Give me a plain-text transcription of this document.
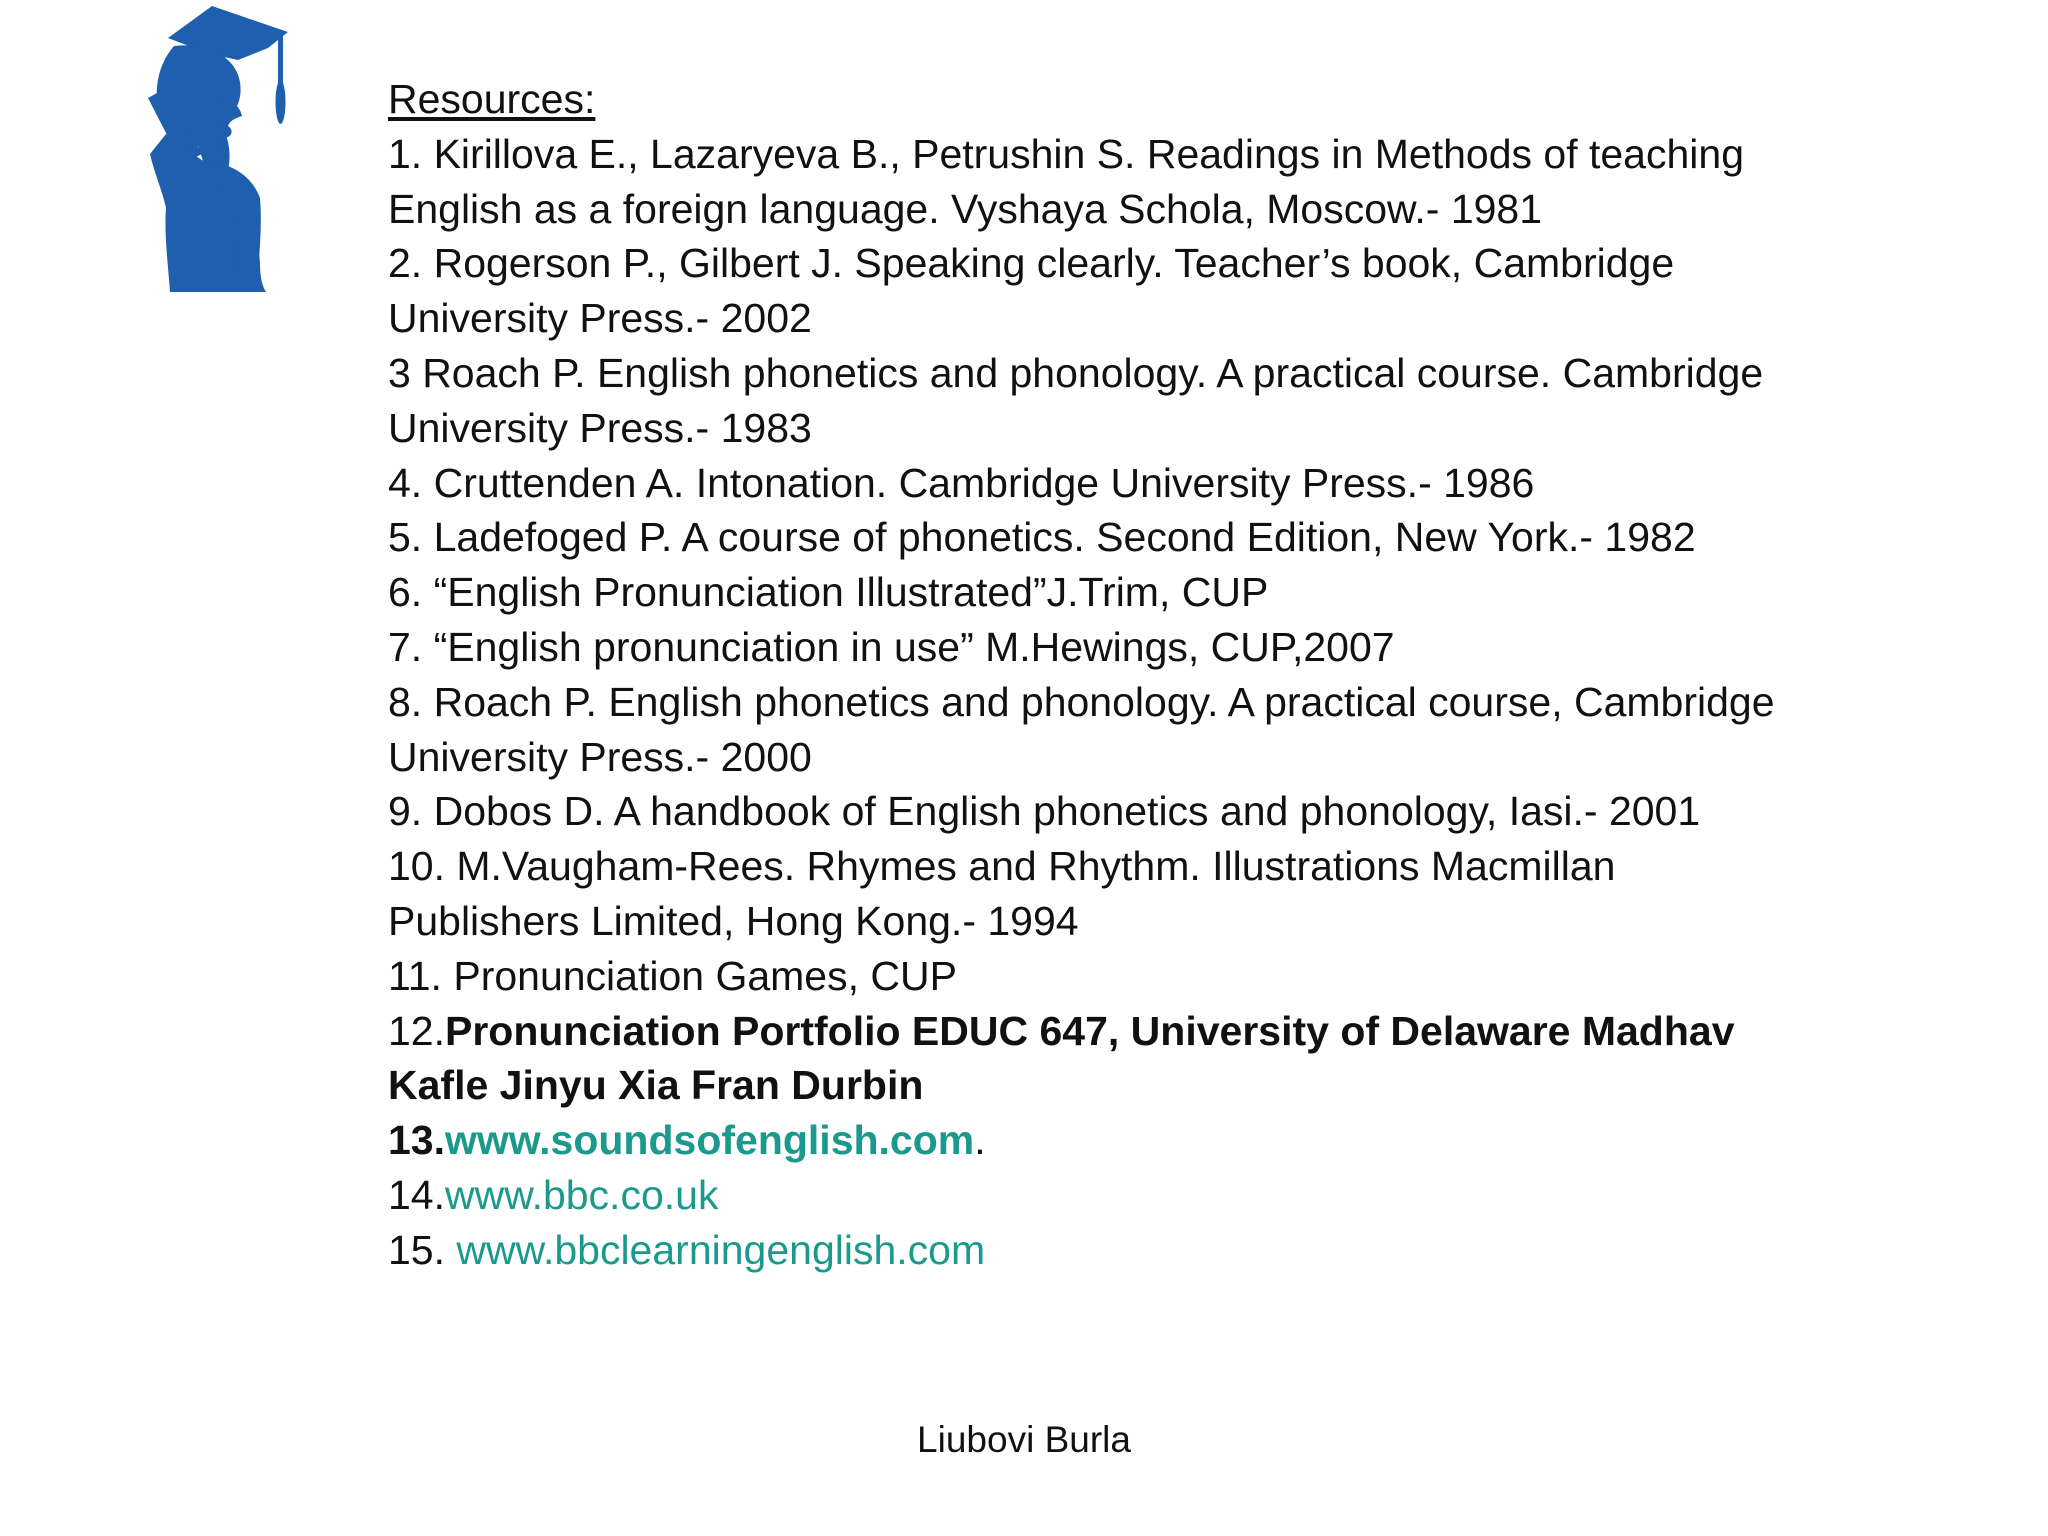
Resources:
1. Kirillova E., Lazaryeva B., Petrushin S. Readings in Methods of teaching
English as a foreign language. Vyshaya Schola, Moscow.- 1981
2. Rogerson P., Gilbert J. Speaking clearly. Teacher’s book, Cambridge
University Press.- 2002
3 Roach P. English phonetics and phonology. A practical course. Cambridge
University Press.- 1983
4. Cruttenden A. Intonation. Cambridge University Press.- 1986
5. Ladefoged P. A course of phonetics. Second Edition, New York.- 1982
6. “English Pronunciation Illustrated”J.Trim, CUP
7. “English pronunciation in use” M.Hewings, CUP,2007
8. Roach P. English phonetics and phonology. A practical course, Cambridge
University Press.- 2000
9. Dobos D. A handbook of English phonetics and phonology, Iasi.- 2001
10. M.Vaugham-Rees. Rhymes and Rhythm. Illustrations Macmillan
Publishers Limited, Hong Kong.- 1994
11. Pronunciation Games, CUP
12.Pronunciation Portfolio EDUC 647, University of Delaware Madhav
Kafle Jinyu Xia Fran Durbin
13.www.soundsofenglish.com.
14.www.bbc.co.uk
15. www.bbclearningenglish.com
Liubovi Burla
